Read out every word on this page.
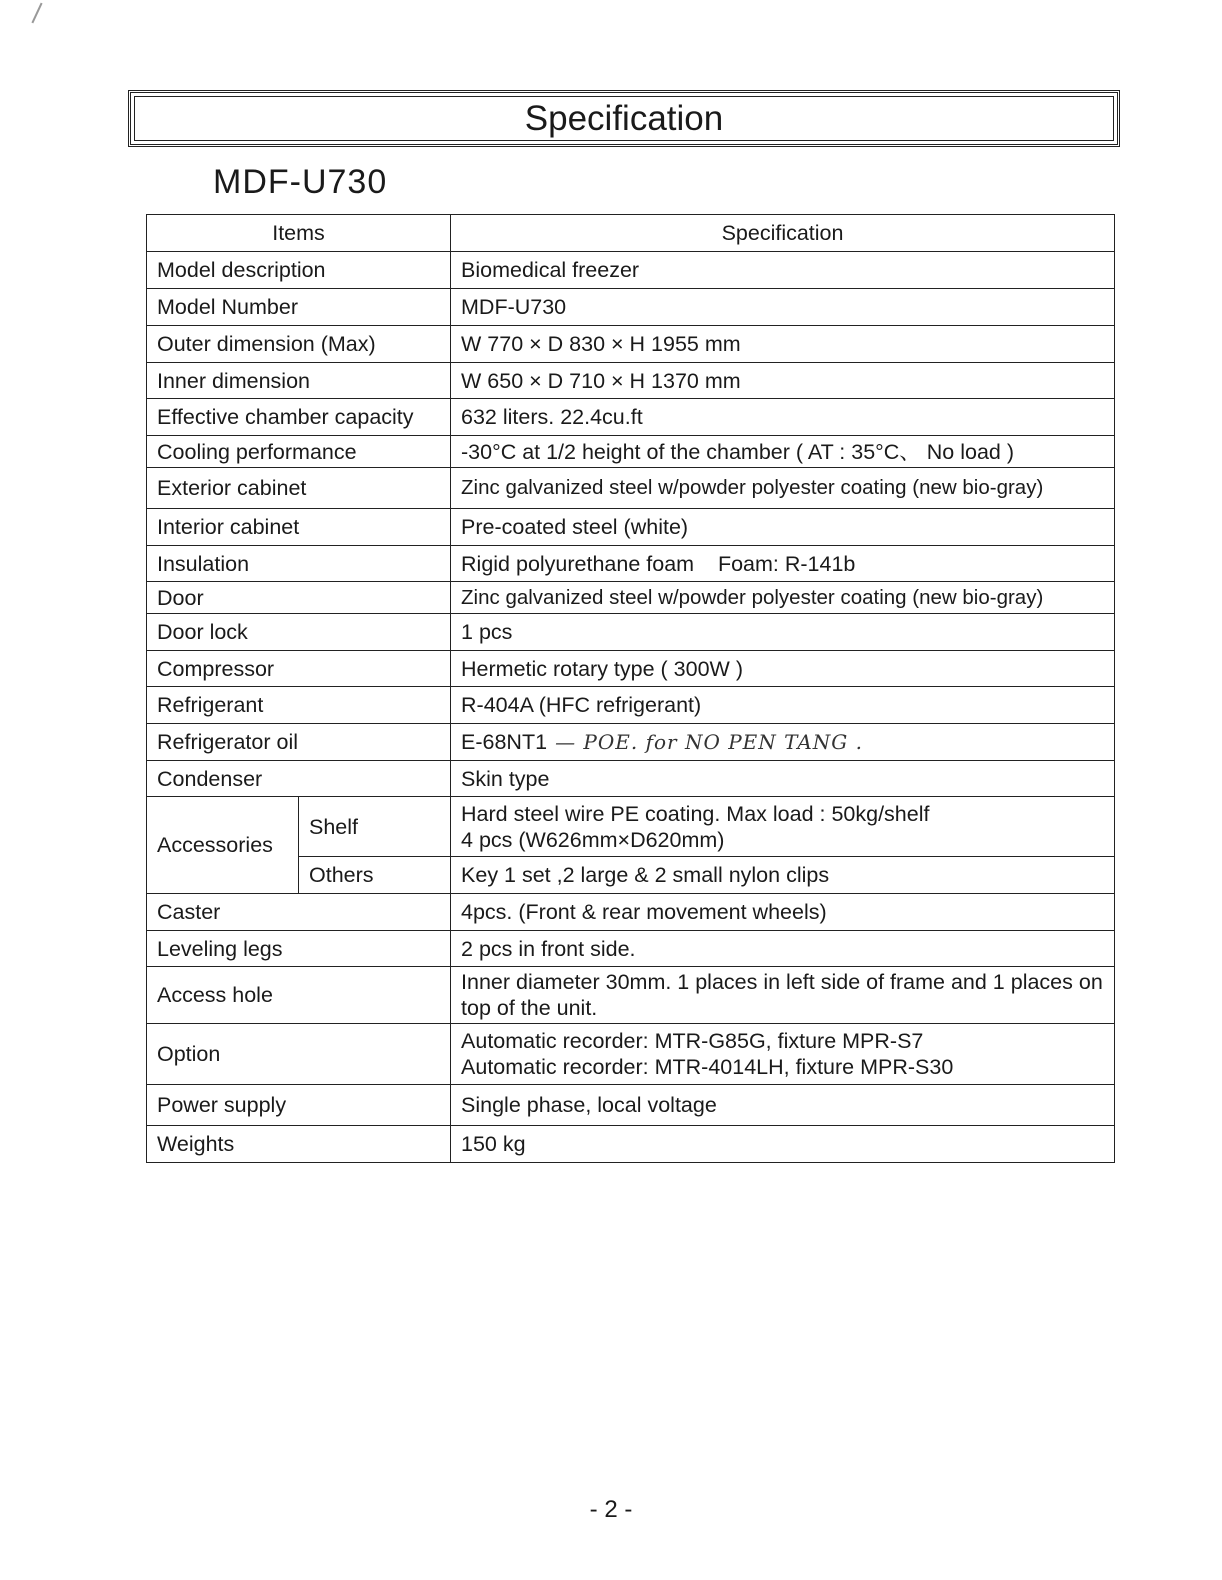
Specification
MDF-U730
Items		Specification
Model description		Biomedical freezer
Model Number		MDF-U730
Outer dimension (Max)		W 770 × D 830 × H 1955 mm
Inner dimension		W 650 × D 710 × H 1370 mm
Effective chamber capacity		632 liters. 22.4cu.ft
Cooling performance		-30°C at 1/2 height of the chamber ( AT : 35°C、 No load )
Exterior cabinet		Zinc galvanized steel w/powder polyester coating (new bio-gray)
Interior cabinet		Pre-coated steel (white)
Insulation		Rigid polyurethane foam    Foam: R-141b
Door		Zinc galvanized steel w/powder polyester coating (new bio-gray)
Door lock		1 pcs
Compressor		Hermetic rotary type ( 300W )
Refrigerant		R-404A (HFC refrigerant)
Refrigerator oil		E-68NT1 — POE. for NO PEN TANG .
Condenser		Skin type
Accessories	Shelf	Hard steel wire PE coating. Max load : 50kg/shelf
4 pcs (W626mm×D620mm)

	Others	Key 1 set ,2 large & 2 small nylon clips
Caster		4pcs. (Front & rear movement wheels)
Leveling legs		2 pcs in front side.
Access hole		Inner diameter 30mm. 1 places in left side of frame and 1 places on top of the unit.
Option		Automatic recorder: MTR-G85G, fixture MPR-S7
Automatic recorder: MTR-4014LH, fixture MPR-S30

Power supply		Single phase, local voltage
Weights		150 kg
- 2 -
